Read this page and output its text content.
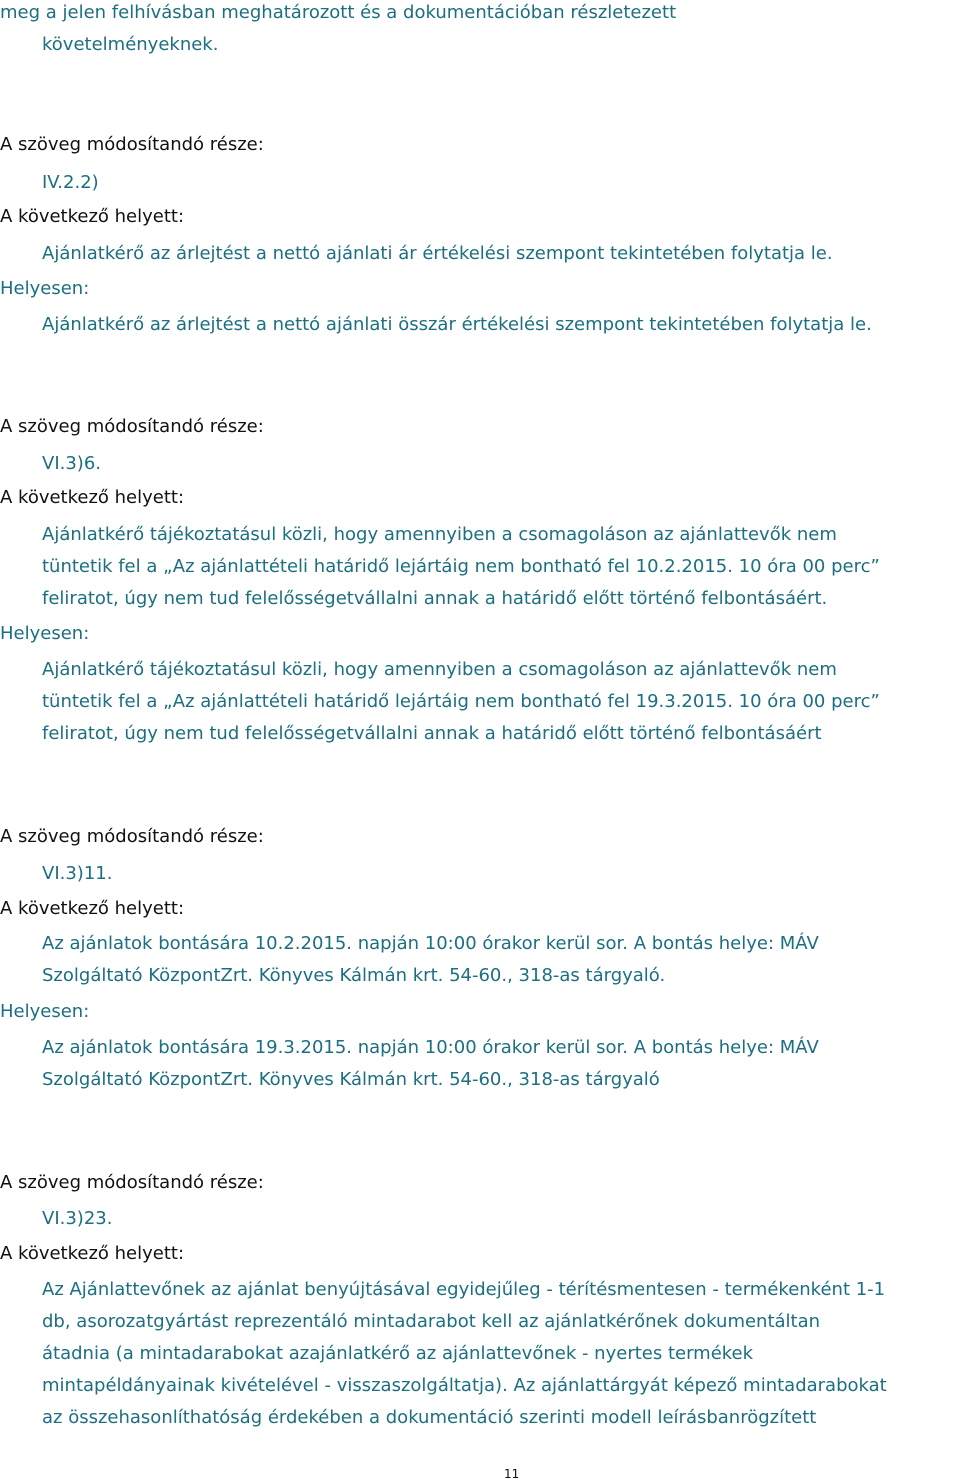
meg a jelen felhívásban meghatározott és a dokumentációban részletezett
követelményeknek.
A szöveg módosítandó része:
IV.2.2)
A következő helyett:
Ajánlatkérő az árlejtést a nettó ajánlati ár értékelési szempont tekintetében folytatja le.
Helyesen:
Ajánlatkérő az árlejtést a nettó ajánlati összár értékelési szempont tekintetében folytatja le.
A szöveg módosítandó része:
VI.3)6.
A következő helyett:
Ajánlatkérő tájékoztatásul közli, hogy amennyiben a csomagoláson az ajánlattevők nem
tüntetik fel a „Az ajánlattételi határidő lejártáig nem bontható fel 10.2.2015. 10 óra 00 perc”
feliratot, úgy nem tud felelősségetvállalni annak a határidő előtt történő felbontásáért.
Helyesen:
Ajánlatkérő tájékoztatásul közli, hogy amennyiben a csomagoláson az ajánlattevők nem
tüntetik fel a „Az ajánlattételi határidő lejártáig nem bontható fel 19.3.2015. 10 óra 00 perc”
feliratot, úgy nem tud felelősségetvállalni annak a határidő előtt történő felbontásáért
A szöveg módosítandó része:
VI.3)11.
A következő helyett:
Az ajánlatok bontására 10.2.2015. napján 10:00 órakor kerül sor. A bontás helye: MÁV
Szolgáltató KözpontZrt. Könyves Kálmán krt. 54-60., 318-as tárgyaló.
Helyesen:
Az ajánlatok bontására 19.3.2015. napján 10:00 órakor kerül sor. A bontás helye: MÁV
Szolgáltató KözpontZrt. Könyves Kálmán krt. 54-60., 318-as tárgyaló
A szöveg módosítandó része:
VI.3)23.
A következő helyett:
Az Ajánlattevőnek az ajánlat benyújtásával egyidejűleg - térítésmentesen - termékenként 1-1
db, asorozatgyártást reprezentáló mintadarabot kell az ajánlatkérőnek dokumentáltan
átadnia (a mintadarabokat azajánlatkérő az ajánlattevőnek - nyertes termékek
mintapéldányainak kivételével - visszaszolgáltatja). Az ajánlattárgyát képező mintadarabokat
az összehasonlíthatóság érdekében a dokumentáció szerinti modell leírásbanrögzített
11
